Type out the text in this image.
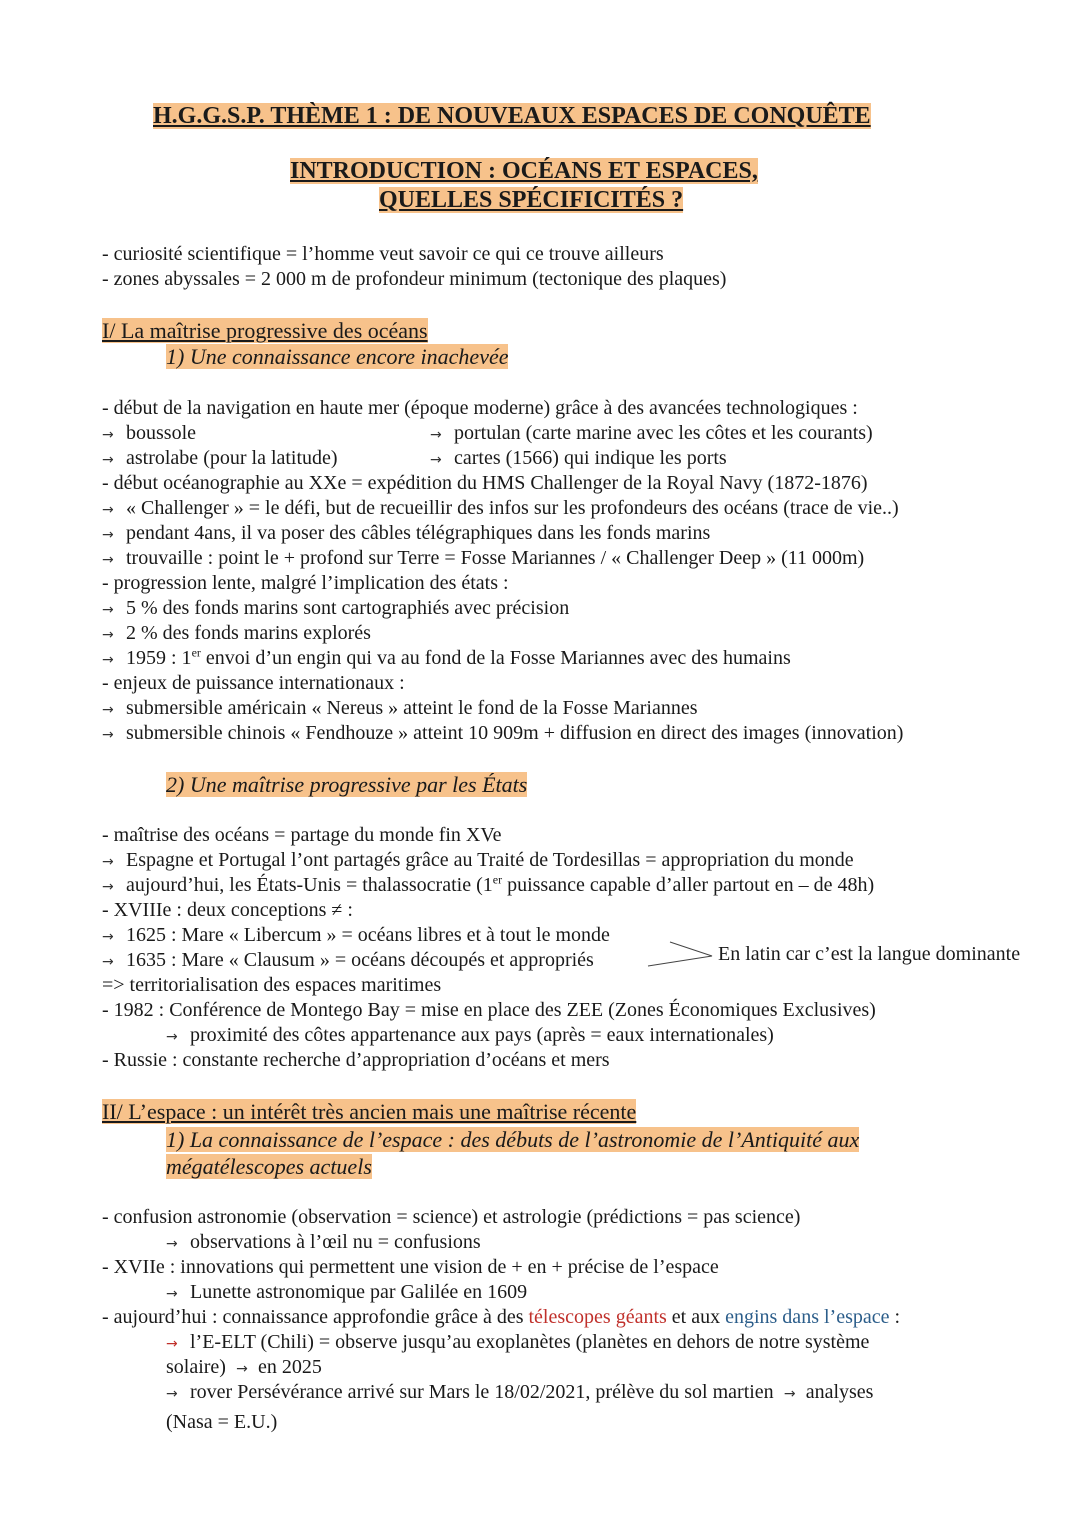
H.G.G.S.P. THÈME 1 : DE NOUVEAUX ESPACES DE CONQUÊTE
INTRODUCTION : OCÉANS ET ESPACES,
QUELLES SPÉCIFICITÉS ?
- curiosité scientifique = l’homme veut savoir ce qui ce trouve ailleurs
- zones abyssales = 2 000 m de profondeur minimum (tectonique des plaques)
I/ La maîtrise progressive des océans
1) Une connaissance encore inachevée
- début de la navigation en haute mer (époque moderne) grâce à des avancées technologiques :
→ boussole	→ portulan (carte marine avec les côtes et les courants)
→ astrolabe (pour la latitude)	→ cartes (1566) qui indique les ports
- début océanographie au XXe = expédition du HMS Challenger de la Royal Navy (1872-1876)
→ « Challenger » = le défi, but de recueillir des infos sur les profondeurs des océans (trace de vie..)
→ pendant 4ans, il va poser des câbles télégraphiques dans les fonds marins
→ trouvaille : point le + profond sur Terre = Fosse Mariannes / « Challenger Deep » (11 000m)
- progression lente, malgré l’implication des états :
→ 5 % des fonds marins sont cartographiés avec précision
→ 2 % des fonds marins explorés
→ 1959 : 1er envoi d’un engin qui va au fond de la Fosse Mariannes avec des humains
- enjeux de puissance internationaux :
→ submersible américain « Nereus » atteint le fond de la Fosse Mariannes
→ submersible chinois « Fendhouze » atteint 10 909m + diffusion en direct des images (innovation)
2) Une maîtrise progressive par les États
- maîtrise des océans = partage du monde fin XVe
→ Espagne et Portugal l’ont partagés grâce au Traité de Tordesillas = appropriation du monde
→ aujourd’hui, les États-Unis = thalassocratie (1er puissance capable d’aller partout en – de 48h)
- XVIIIe : deux conceptions ≠ :
→ 1625 : Mare « Libercum » = océans libres et à tout le monde
→ 1635 : Mare « Clausum » = océans découpés et appropriés	En latin car c’est la langue dominante
=> territorialisation des espaces maritimes
- 1982 : Conférence de Montego Bay = mise en place des ZEE (Zones Économiques Exclusives)
→ proximité des côtes appartenance aux pays (après = eaux internationales)
- Russie : constante recherche d’appropriation d’océans et mers
II/ L’espace : un intérêt très ancien mais une maîtrise récente
1) La connaissance de l’espace : des débuts de l’astronomie de l’Antiquité aux
mégatélescopes actuels
- confusion astronomie (observation = science) et astrologie (prédictions = pas science)
→ observations à l’œil nu = confusions
- XVIIe : innovations qui permettent une vision de + en + précise de l’espace
→ Lunette astronomique par Galilée en 1609
- aujourd’hui : connaissance approfondie grâce à des télescopes géants et aux engins dans l’espace :
→ l’E-ELT (Chili) = observe jusqu’au exoplanètes (planètes en dehors de notre système
solaire) → en 2025
→ rover Persévérance arrivé sur Mars le 18/02/2021, prélève du sol martien → analyses
(Nasa = E.U.)
